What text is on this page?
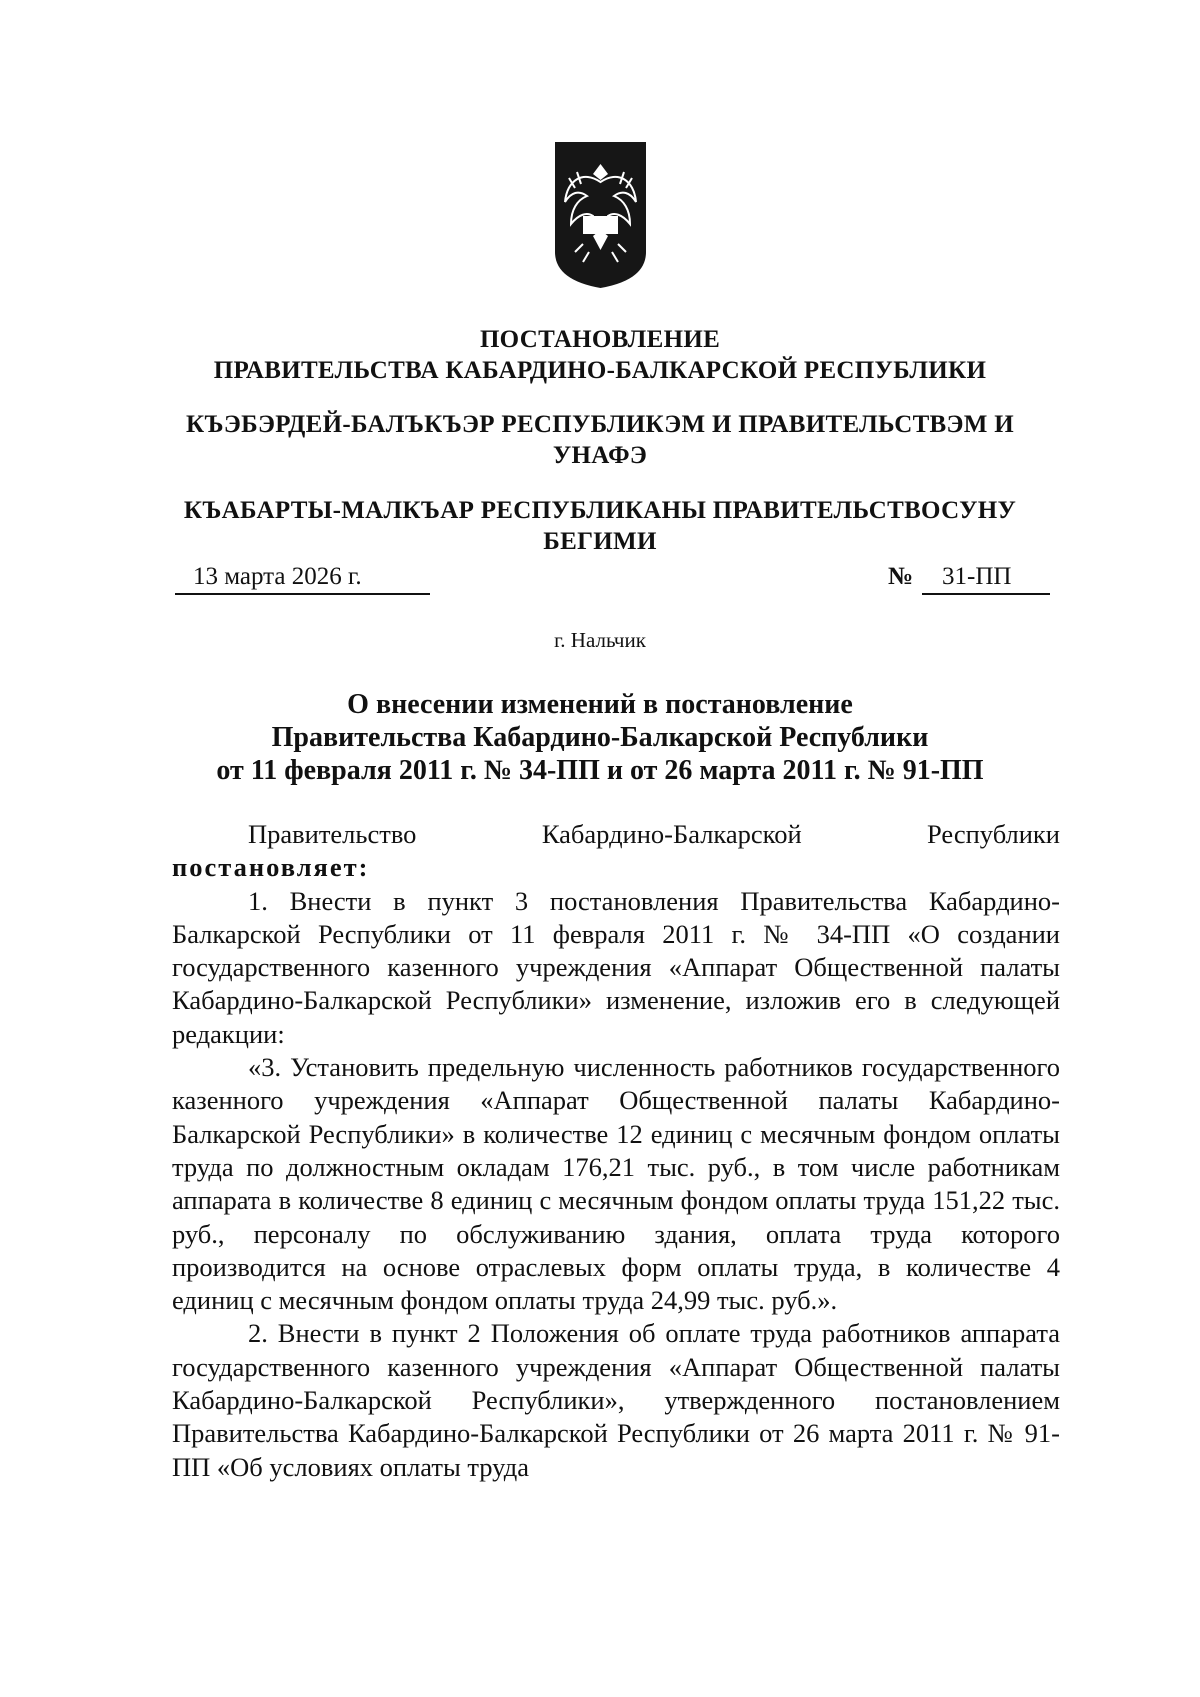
ПОСТАНОВЛЕНИЕ
ПРАВИТЕЛЬСТВА КАБАРДИНО-БАЛКАРСКОЙ РЕСПУБЛИКИ
КЪЭБЭРДЕЙ-БАЛЪКЪЭР РЕСПУБЛИКЭМ И ПРАВИТЕЛЬСТВЭМ И
УНАФЭ
КЪАБАРТЫ-МАЛКЪАР РЕСПУБЛИКАНЫ ПРАВИТЕЛЬСТВОСУНУ
БЕГИМИ
13 марта 2026 г.	№	31-ПП
г. Нальчик
О внесении изменений в постановление
Правительства Кабардино-Балкарской Республики
от 11 февраля 2011 г. № 34-ПП и от 26 марта 2011 г. № 91-ПП

Правительство Кабардино-Балкарской Республики

постановляет:

1. Внести в пункт 3 постановления Правительства Кабардино-Балкарской Республики от 11 февраля 2011 г. № 34-ПП «О создании государственного казенного учреждения «Аппарат Общественной палаты Кабардино-Балкарской Республики» изменение, изложив его в следующей редакции:

«3. Установить предельную численность работников государственного казенного учреждения «Аппарат Общественной палаты Кабардино-Балкарской Республики» в количестве 12 единиц с месячным фондом оплаты труда по должностным окладам 176,21 тыс. руб., в том числе работникам аппарата в количестве 8 единиц с месячным фондом оплаты труда 151,22 тыс. руб., персоналу по обслуживанию здания, оплата труда которого производится на основе отраслевых форм оплаты труда, в количестве 4 единиц с месячным фондом оплаты труда 24,99 тыс. руб.».

2. Внести в пункт 2 Положения об оплате труда работников аппарата государственного казенного учреждения «Аппарат Общественной палаты Кабардино-Балкарской Республики», утвержденного постановлением Правительства Кабардино-Балкарской Республики от 26 марта 2011 г. № 91-ПП «Об условиях оплаты труда
